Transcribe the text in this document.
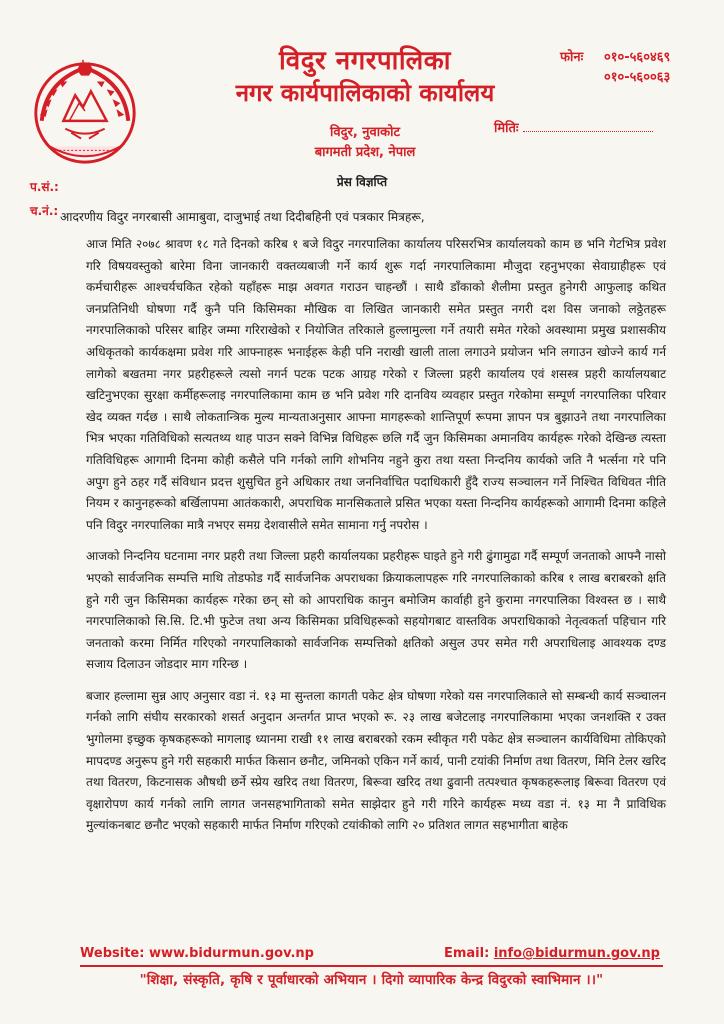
विदुर नगरपालिका
नगर कार्यपालिकाको कार्यालय
विदुर, नुवाकोट
बागमती प्रदेश, नेपाल
फोनः ०१०-५६०४६९
०१०-५६००६३
मितिः
प.सं.:
च.नं.:
प्रेस विज्ञप्ति
आदरणीय विदुर नगरबासी आमाबुवा, दाजुभाई तथा दिदीबहिनी एवं पत्रकार मित्रहरू,

आज मिति २०७८ श्रावण १८ गते दिनको करिब १ बजे विदुर नगरपालिका कार्यालय परिसरभित्र कार्यालयको काम छ भनि गेटभित्र प्रवेश गरि विषयवस्तुको बारेमा विना जानकारी वक्तव्यबाजी गर्ने कार्य शुरू गर्दा नगरपालिकामा मौजुदा रहनुभएका सेवाग्राहीहरू एवं कर्मचारीहरू आश्चर्यचकित रहेको यहाँहरू माझ अवगत गराउन चाहन्छौं । साथै डाँकाको शैलीमा प्रस्तुत हुनेगरी आफुलाइ कथित जनप्रतिनिधी घोषणा गर्दै कुनै पनि किसिमका मौखिक वा लिखित जानकारी समेत प्रस्तुत नगरी दश विस जनाको लठ्ठेतहरू नगरपालिकाको परिसर बाहिर जम्मा गरिराखेको र नियोजित तरिकाले हुल्लामुल्ला गर्ने तयारी समेत गरेको अवस्थामा प्रमुख प्रशासकीय अधिकृतको कार्यकक्षमा प्रवेश गरि आफ्नाहरू भनाईहरू केही पनि नराखी खाली ताला लगाउने प्रयोजन भनि लगाउन खोज्ने कार्य गर्न लागेको बखतमा नगर प्रहरीहरूले त्यसो नगर्न पटक पटक आग्रह गरेको र जिल्ला प्रहरी कार्यालय एवं शसस्त्र प्रहरी कार्यालयबाट खटिनुभएका सुरक्षा कर्मीहरूलाइ नगरपालिकामा काम छ भनि प्रवेश गरि दानविय व्यवहार प्रस्तुत गरेकोमा सम्पूर्ण नगरपालिका परिवार खेद व्यक्त गर्दछ । साथै लोकतान्त्रिक मुल्य मान्यताअनुसार आफ्ना मागहरूको शान्तिपूर्ण रूपमा ज्ञापन पत्र बुझाउने तथा नगरपालिका भित्र भएका गतिविधिको सत्यतथ्य थाह पाउन सक्ने विभिन्न विधिहरू छलि गर्दै जुन किसिमका अमानविय कार्यहरू गरेको देखिन्छ त्यस्ता गतिविधिहरू आगामी दिनमा कोही कसैले पनि गर्नको लागि शोभनिय नहुने कुरा तथा यस्ता निन्दनिय कार्यको जति नै भर्त्सना गरे पनि अपुग हुने ठहर गर्दै संविधान प्रदत्त शुसुचित हुने अधिकार तथा जननिर्वाचित पदाधिकारी हुँदै राज्य सञ्चालन गर्ने निश्चित विधिवत नीति नियम र कानुनहरूको बर्खिलापमा आतंककारी, अपराधिक मानसिकताले प्रसित भएका यस्ता निन्दनिय कार्यहरूको आगामी दिनमा कहिले पनि विदुर नगरपालिका मात्रै नभएर समग्र देशवासीले समेत सामाना गर्नु नपरोस ।

आजको निन्दनिय घटनामा नगर प्रहरी तथा जिल्ला प्रहरी कार्यालयका प्रहरीहरू घाइते हुने गरी ढुंगामुढा गर्दै सम्पूर्ण जनताको आफ्नै नासो भएको सार्वजनिक सम्पत्ति माथि तोडफोड गर्दै सार्वजनिक अपराधका क्रियाकलापहरू गरि नगरपालिकाको करिब १ लाख बराबरको क्षति हुने गरी जुन किसिमका कार्यहरू गरेका छन् सो को आपराधिक कानुन बमोजिम कार्वाही हुने कुरामा नगरपालिका विश्वस्त छ । साथै नगरपालिकाको सि.सि. टि.भी फुटेज तथा अन्य किसिमका प्रविधिहरूको सहयोगबाट वास्तविक अपराधिकाको नेतृत्वकर्ता पहिचान गरि जनताको करमा निर्मित गरिएको नगरपालिकाको सार्वजनिक सम्पत्तिको क्षतिको असुल उपर समेत गरी अपराधिलाइ आवश्यक दण्ड सजाय दिलाउन जोडदार माग गरिन्छ ।

बजार हल्लामा सुन्न आए अनुसार वडा नं. १३ मा सुन्तला कागती पकेट क्षेत्र घोषणा गरेको यस नगरपालिकाले सो सम्बन्धी कार्य सञ्चालन गर्नको लागि संघीय सरकारको शसर्त अनुदान अन्तर्गत प्राप्त भएको रू. २३ लाख बजेटलाइ नगरपालिकामा भएका जनशक्ति र उक्त भुगोलमा इच्छुक कृषकहरूको मागलाइ ध्यानमा राखी ११ लाख बराबरको रकम स्वीकृत गरी पकेट क्षेत्र सञ्चालन कार्यविधिमा तोकिएको मापदण्ड अनुरूप हुने गरी सहकारी मार्फत किसान छनौट, जमिनको एकिन गर्ने कार्य, पानी टयांकी निर्माण तथा वितरण, मिनि टेलर खरिद तथा वितरण, किटनासक औषधी छर्ने स्प्रेय खरिद तथा वितरण, बिरूवा खरिद तथा ढुवानी तत्पश्चात कृषकहरूलाइ बिरूवा वितरण एवं वृक्षारोपण कार्य गर्नको लागि लागत जनसहभागिताको समेत साझेदार हुने गरी गरिने कार्यहरू मध्य वडा नं. १३ मा नै प्राविधिक मुल्यांकनबाट छनौट भएको सहकारी मार्फत निर्माण गरिएको टयांकीको लागि २० प्रतिशत लागत सहभागीता बाहेक

Website: www.bidurmun.gov.np	Email: info@bidurmun.gov.np
"शिक्षा, संस्कृति, कृषि र पूर्वाधारको अभियान । दिगो व्यापारिक केन्द्र विदुरको स्वाभिमान ।।"
